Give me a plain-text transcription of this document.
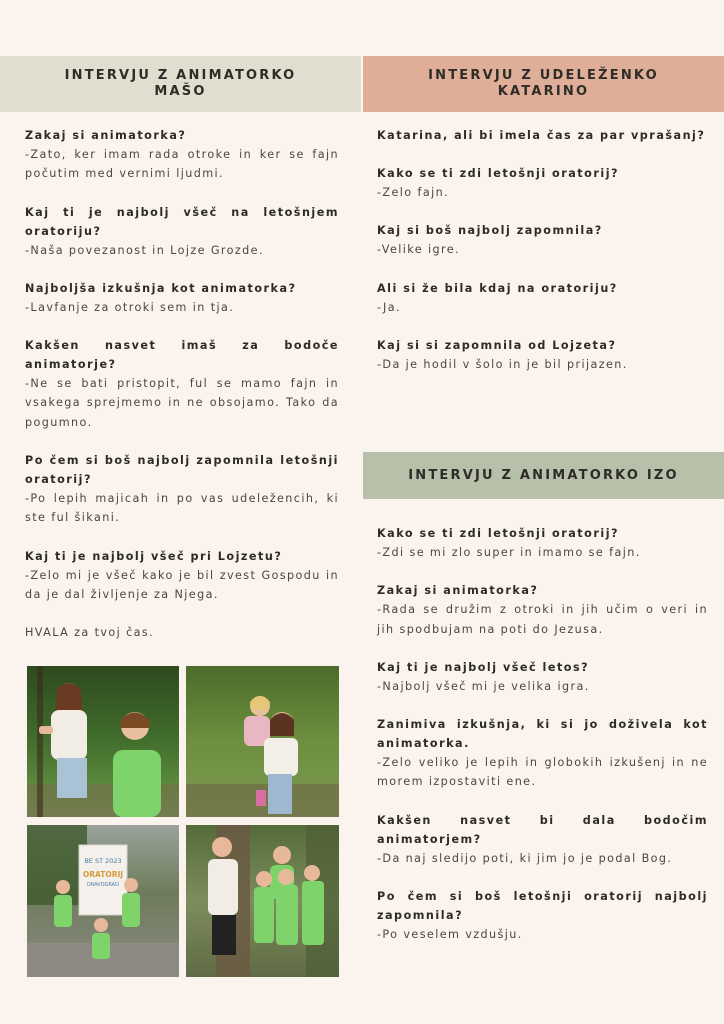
INTERVJU Z ANIMATORKO MAŠO
INTERVJU Z UDELEŽENKO KATARINO
INTERVJU Z ANIMATORKO IZO

Zakaj si animatorka?

-Zato, ker imam rada otroke in ker se fajn počutim med vernimi ljudmi.

Kaj ti je najbolj všeč na letošnjem oratoriju?

-Naša povezanost in Lojze Grozde.

Najboljša izkušnja kot animatorka?

-Lavfanje za otroki sem in tja.

Kakšen nasvet imaš za bodoče animatorje?

-Ne se bati pristopit, ful se mamo fajn in vsakega sprejmemo in ne obsojamo. Tako da pogumno.

Po čem si boš najbolj zapomnila letošnji oratorij?

-Po lepih majicah in po vas udeležencih, ki ste ful šikani.

Kaj ti je najbolj všeč pri Lojzetu?

-Zelo mi je všeč kako je bil zvest Gospodu in da je dal življenje za Njega.

HVALA za tvoj čas.

Katarina, ali bi imela čas za par vprašanj?

Kako se ti zdi letošnji oratorij?

-Zelo fajn.

Kaj si boš najbolj zapomnila?

-Velike igre.

Ali si že bila kdaj na oratoriju?

-Ja.

Kaj si si zapomnila od Lojzeta?

-Da je hodil v šolo in je bil prijazen.

Kako se ti zdi letošnji oratorij?

-Zdi se mi zlo super in imamo se fajn.

Zakaj si animatorka?

-Rada se družim z otroki in jih učim o veri in jih spodbujam na poti do Jezusa.

Kaj ti je najbolj všeč letos?

-Najbolj všeč mi je velika igra.

Zanimiva izkušnja, ki si jo doživela kot animatorka.

-Zelo veliko je lepih in globokih izkušenj in ne morem izpostaviti ene.

Kakšen nasvet bi dala bodočim animatorjem?

-Da naj sledijo poti, ki jim jo je podal Bog.

Po čem si boš letošnji oratorij najbolj zapomnila?

-Po veselem vzdušju.

BE ST 2023
ORATORIJ
DRAVOGRAD
